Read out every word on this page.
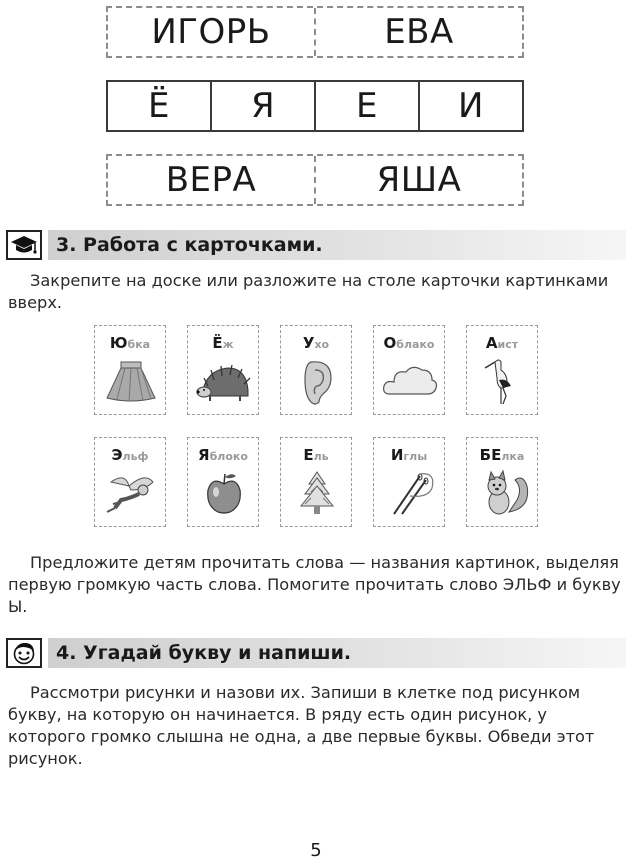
ИГОРЬ	ЕВА
Ё	Я	Е	И
ВЕРА	ЯША
3. Работа с карточками.

Закрепите на доске или разложите на столе карточки картинками вверх.

Юбка	Ёж	Ухо	Облако	Аист
Эльф	Яблоко	Ель	Иглы	БЕлка

Предложите детям прочитать слова — названия картинок, выделяя первую громкую часть слова. Помогите прочитать слово ЭЛЬФ и букву Ы.

4. Угадай букву и напиши.

Рассмотри рисунки и назови их. Запиши в клетке под рисунком букву, на которую он начинается. В ряду есть один рисунок, у которого громко слышна не одна, а две первые буквы. Обведи этот рисунок.

5
